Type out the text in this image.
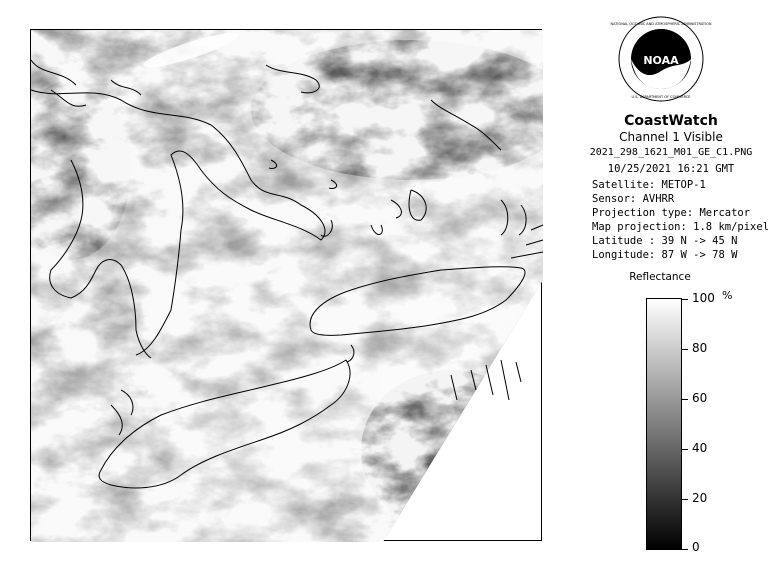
NOAA
NATIONAL OCEANIC AND ATMOSPHERIC ADMINISTRATION
U.S. DEPARTMENT OF COMMERCE
CoastWatch
Channel 1 Visible
2021_298_1621_M01_GE_C1.PNG
10/25/2021 16:21 GMT
Satellite: METOP-1
Sensor: AVHRR
Projection type: Mercator
Map projection: 1.8 km/pixel
Latitude : 39 N -> 45 N
Longitude: 87 W -> 78 W
Reflectance
%
100
80
60
40
20
0
